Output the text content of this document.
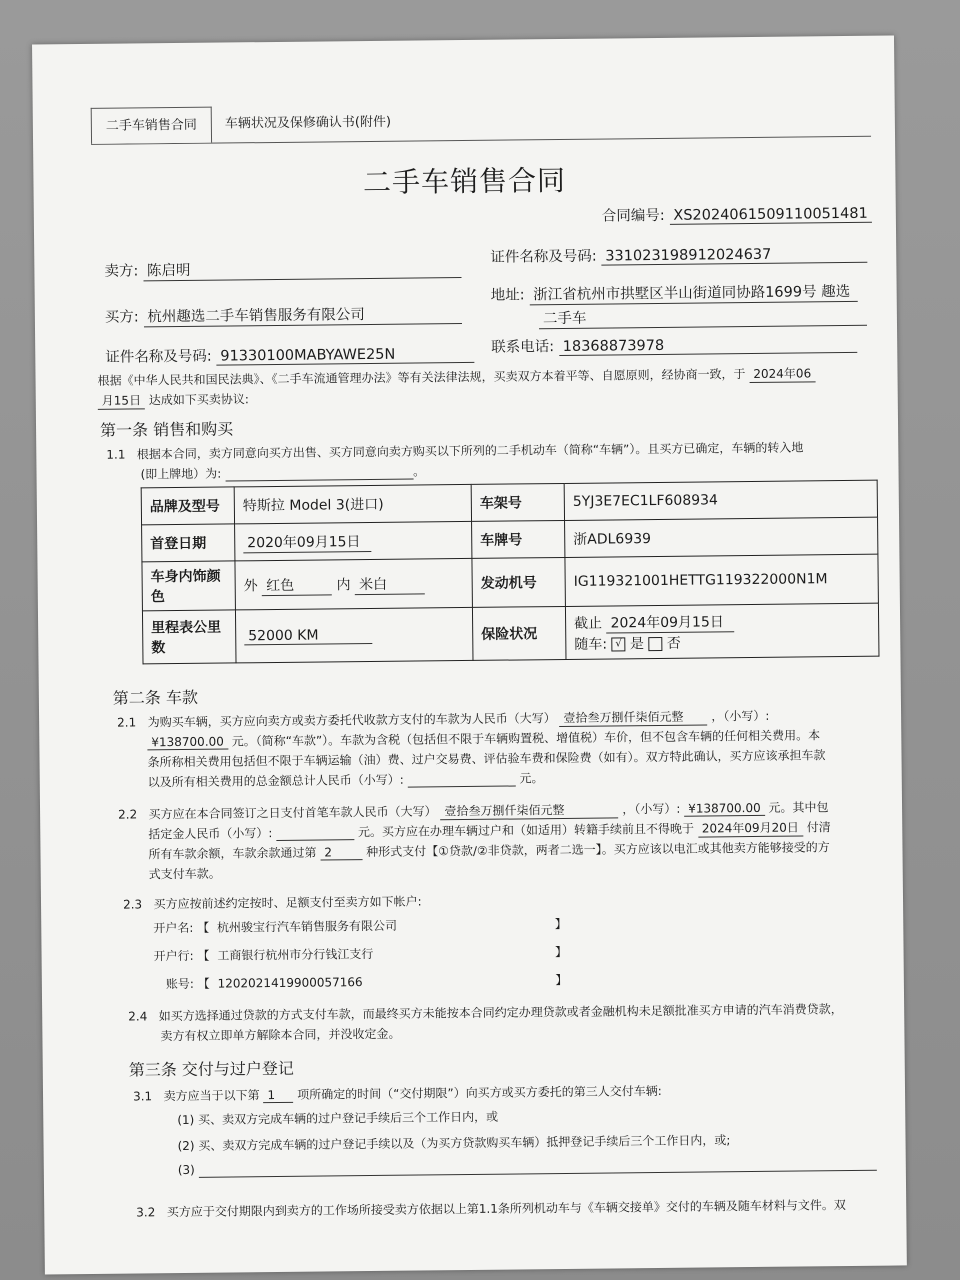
二手车销售合同	车辆状况及保修确认书(附件)
二手车销售合同
合同编号: XS2024061509110051481
卖方: 陈启明
证件名称及号码: 331023198912024637
买方: 杭州趣选二手车销售服务有限公司
地址: 浙江省杭州市拱墅区半山街道同协路1699号 趣选
二手车
证件名称及号码: 91330100MABYAWE25N	联系电话: 18368873978
根据《中华人民共和国民法典》、《二手车流通管理办法》等有关法律法规，买卖双方本着平等、自愿原则，经协商一致，于 2024年06
月15日 达成如下买卖协议:
第一条 销售和购买
1.1 根据本合同，卖方同意向买方出售、买方同意向卖方购买以下所列的二手机动车（简称“车辆”）。且买方已确定，车辆的转入地
(即上牌地）为:	。
品牌及型号	特斯拉 Model 3(进口)	车架号	5YJ3E7EC1LF608934
首登日期	2020年09月15日	车牌号	浙ADL6939
车身内饰颜色	外 红色 内 米白	发动机号	IG119321001HETTG119322000N1M
里程表公里数	52000 KM	保险状况	截止 2024年09月15日
随车: √ 是 否
第二条 车款
2.1 为购买车辆，买方应向卖方或卖方委托代收款方支付的车款为人民币（大写） 壹拾叁万捌仟柒佰元整 ，（小写）:
¥138700.00 元。（简称“车款”）。车款为含税（包括但不限于车辆购置税、增值税）车价，但不包含车辆的任何相关费用。本
条所称相关费用包括但不限于车辆运输（油）费、过户交易费、评估验车费和保险费（如有）。双方特此确认，买方应该承担车款
以及所有相关费用的总金额总计人民币（小写）:	元。
2.2 买方应在本合同签订之日支付首笔车款人民币（大写） 壹拾叁万捌仟柒佰元整	，（小写）: ¥138700.00 元。其中包
括定金人民币（小写）:	元。买方应在办理车辆过户和（如适用）转籍手续前且不得晚于 2024年09月20日 付清
所有车款余额，车款余款通过第 2	种形式支付【①贷款/②非贷款，两者二选一】。买方应该以电汇或其他卖方能够接受的方
式支付车款。
2.3 买方应按前述约定按时、足额支付至卖方如下帐户:
开户名: 【 杭州骏宝行汽车销售服务有限公司	】
开户行: 【 工商银行杭州市分行钱江支行	】
账号: 【 1202021419900057166	】
2.4 如买方选择通过贷款的方式支付车款，而最终买方未能按本合同约定办理贷款或者金融机构未足额批准买方申请的汽车消费贷款，
卖方有权立即单方解除本合同，并没收定金。
第三条 交付与过户登记
3.1 卖方应当于以下第 1 项所确定的时间（“交付期限”）向买方或买方委托的第三人交付车辆:
(1) 买、卖双方完成车辆的过户登记手续后三个工作日内，或
(2) 买、卖双方完成车辆的过户登记手续以及（为买方贷款购买车辆）抵押登记手续后三个工作日内，或;
(3)
3.2 买方应于交付期限内到卖方的工作场所接受卖方依据以上第1.1条所列机动车与《车辆交接单》交付的车辆及随车材料与文件。双
